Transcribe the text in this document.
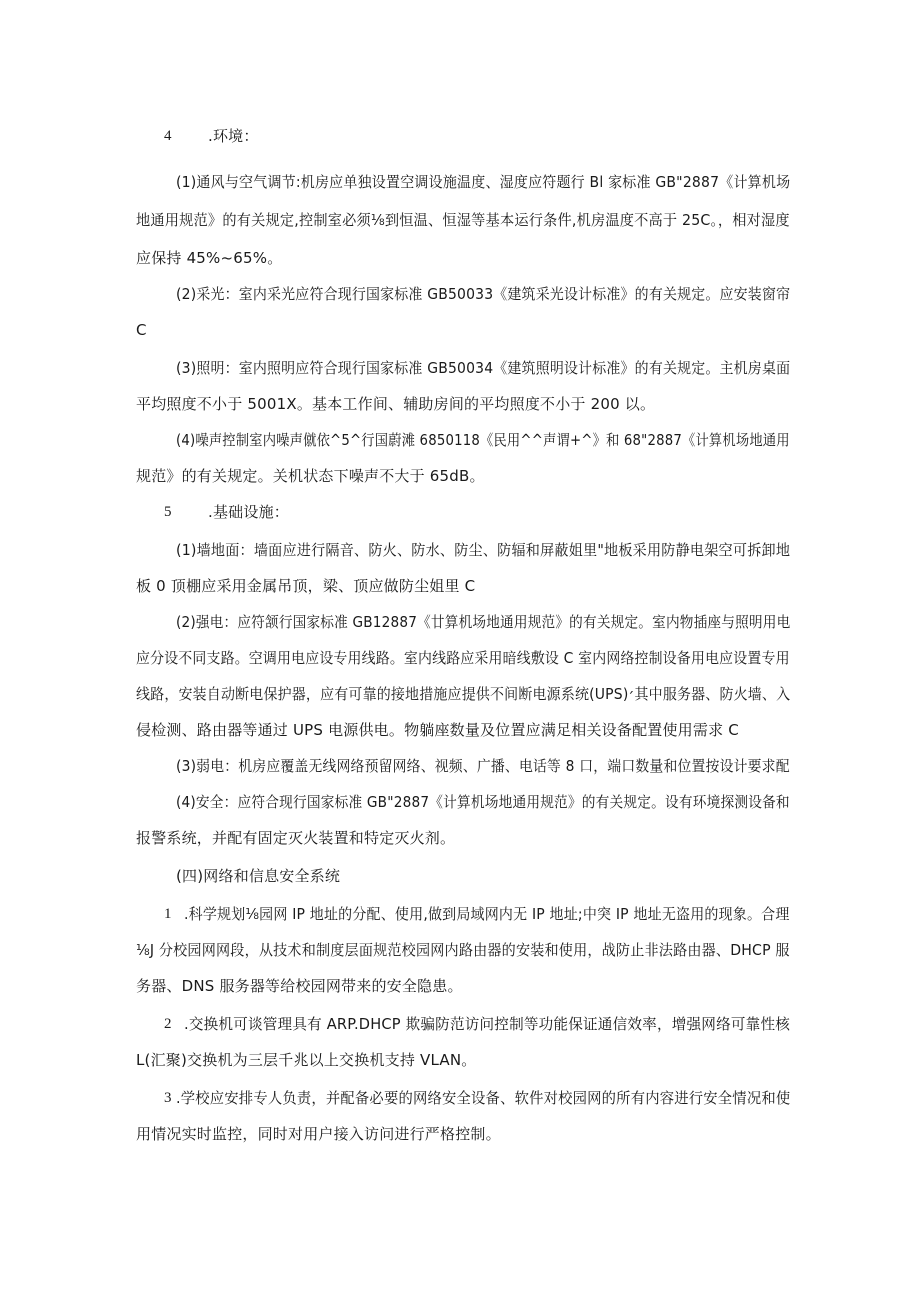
4 .环境：
(1)通风与空气调节:机房应单独设置空调设施温度、湿度应符题行 Bl 家标准 GB"2887《计算机场
地通用规范》的有关规定,控制室必须⅛到恒温、恒湿等基本运行条件,机房温度不高于 25C。，相对湿度
应保持 45%~65%。
(2)采光：室内采光应符合现行国家标准 GB50033《建筑采光设计标准》的有关规定。应安装窗帘
C
(3)照明：室内照明应符合现行国家标准 GB50034《建筑照明设计标准》的有关规定。主机房桌面
平均照度不小于 5001X。基本工作间、辅助房间的平均照度不小于 200 以。
(4)噪声控制室内噪声僦依^5^行国蔚滩 6850118《民用^^声谓+^》和 68"2887《计算机场地通用
规范》的有关规定。关机状态下噪声不大于 65dB。
5 .基础设施：
(1)墙地面：墙面应进行隔音、防火、防水、防尘、防辐和屏蔽姐里"地板采用防静电架空可拆卸地
板 0 顶棚应采用金属吊顶，梁、顶应做防尘姐里 C
(2)强电：应符颔行国家标准 GB12887《廿算机场地通用规范》的有关规定。室内物插座与照明用电
应分设不同支路。空调用电应设专用线路。室内线路应采用暗线敷设 C 室内网络控制设备用电应设置专用
线路，安装自动断电保护器，应有可靠的接地措施应提供不间断电源系统(UPS)׳其中服务器、防火墙、入
侵检测、路由器等通过 UPS 电源供电。物躺座数量及位置应满足相关设备配置使用需求 C
(3)弱电：机房应覆盖无线网络预留网络、视频、广播、电话等 8 口，端口数量和位置按设计要求配
(4)安全：应符合现行国家标准 GB"2887《计算机场地通用规范》的有关规定。设有环境探测设备和
报警系统，并配有固定灭火装置和特定灭火剂。
(四)网络和信息安全系统
1 .科学规划⅛园网 IP 地址的分配、使用,做到局域网内无 IP 地址;中突 IP 地址无盗用的现象。合理
⅛J 分校园网网段，从技术和制度层面规范校园网内路由器的安装和使用，战防止非法路由器、DHCP 服
务器、DNS 服务器等给校园网带来的安全隐患。
2 .交换机可谈管理具有 ARP.DHCP 欺骗防范访问控制等功能保证通信效率，增强网络可靠性核
L(汇聚)交换机为三层千兆以上交换机支持 VLAN。
3 .学校应安排专人负责，并配备必要的网络安全设备、软件对校园网的所有内容进行安全情况和使
用情况实时监控，同时对用户接入访问进行严格控制。
